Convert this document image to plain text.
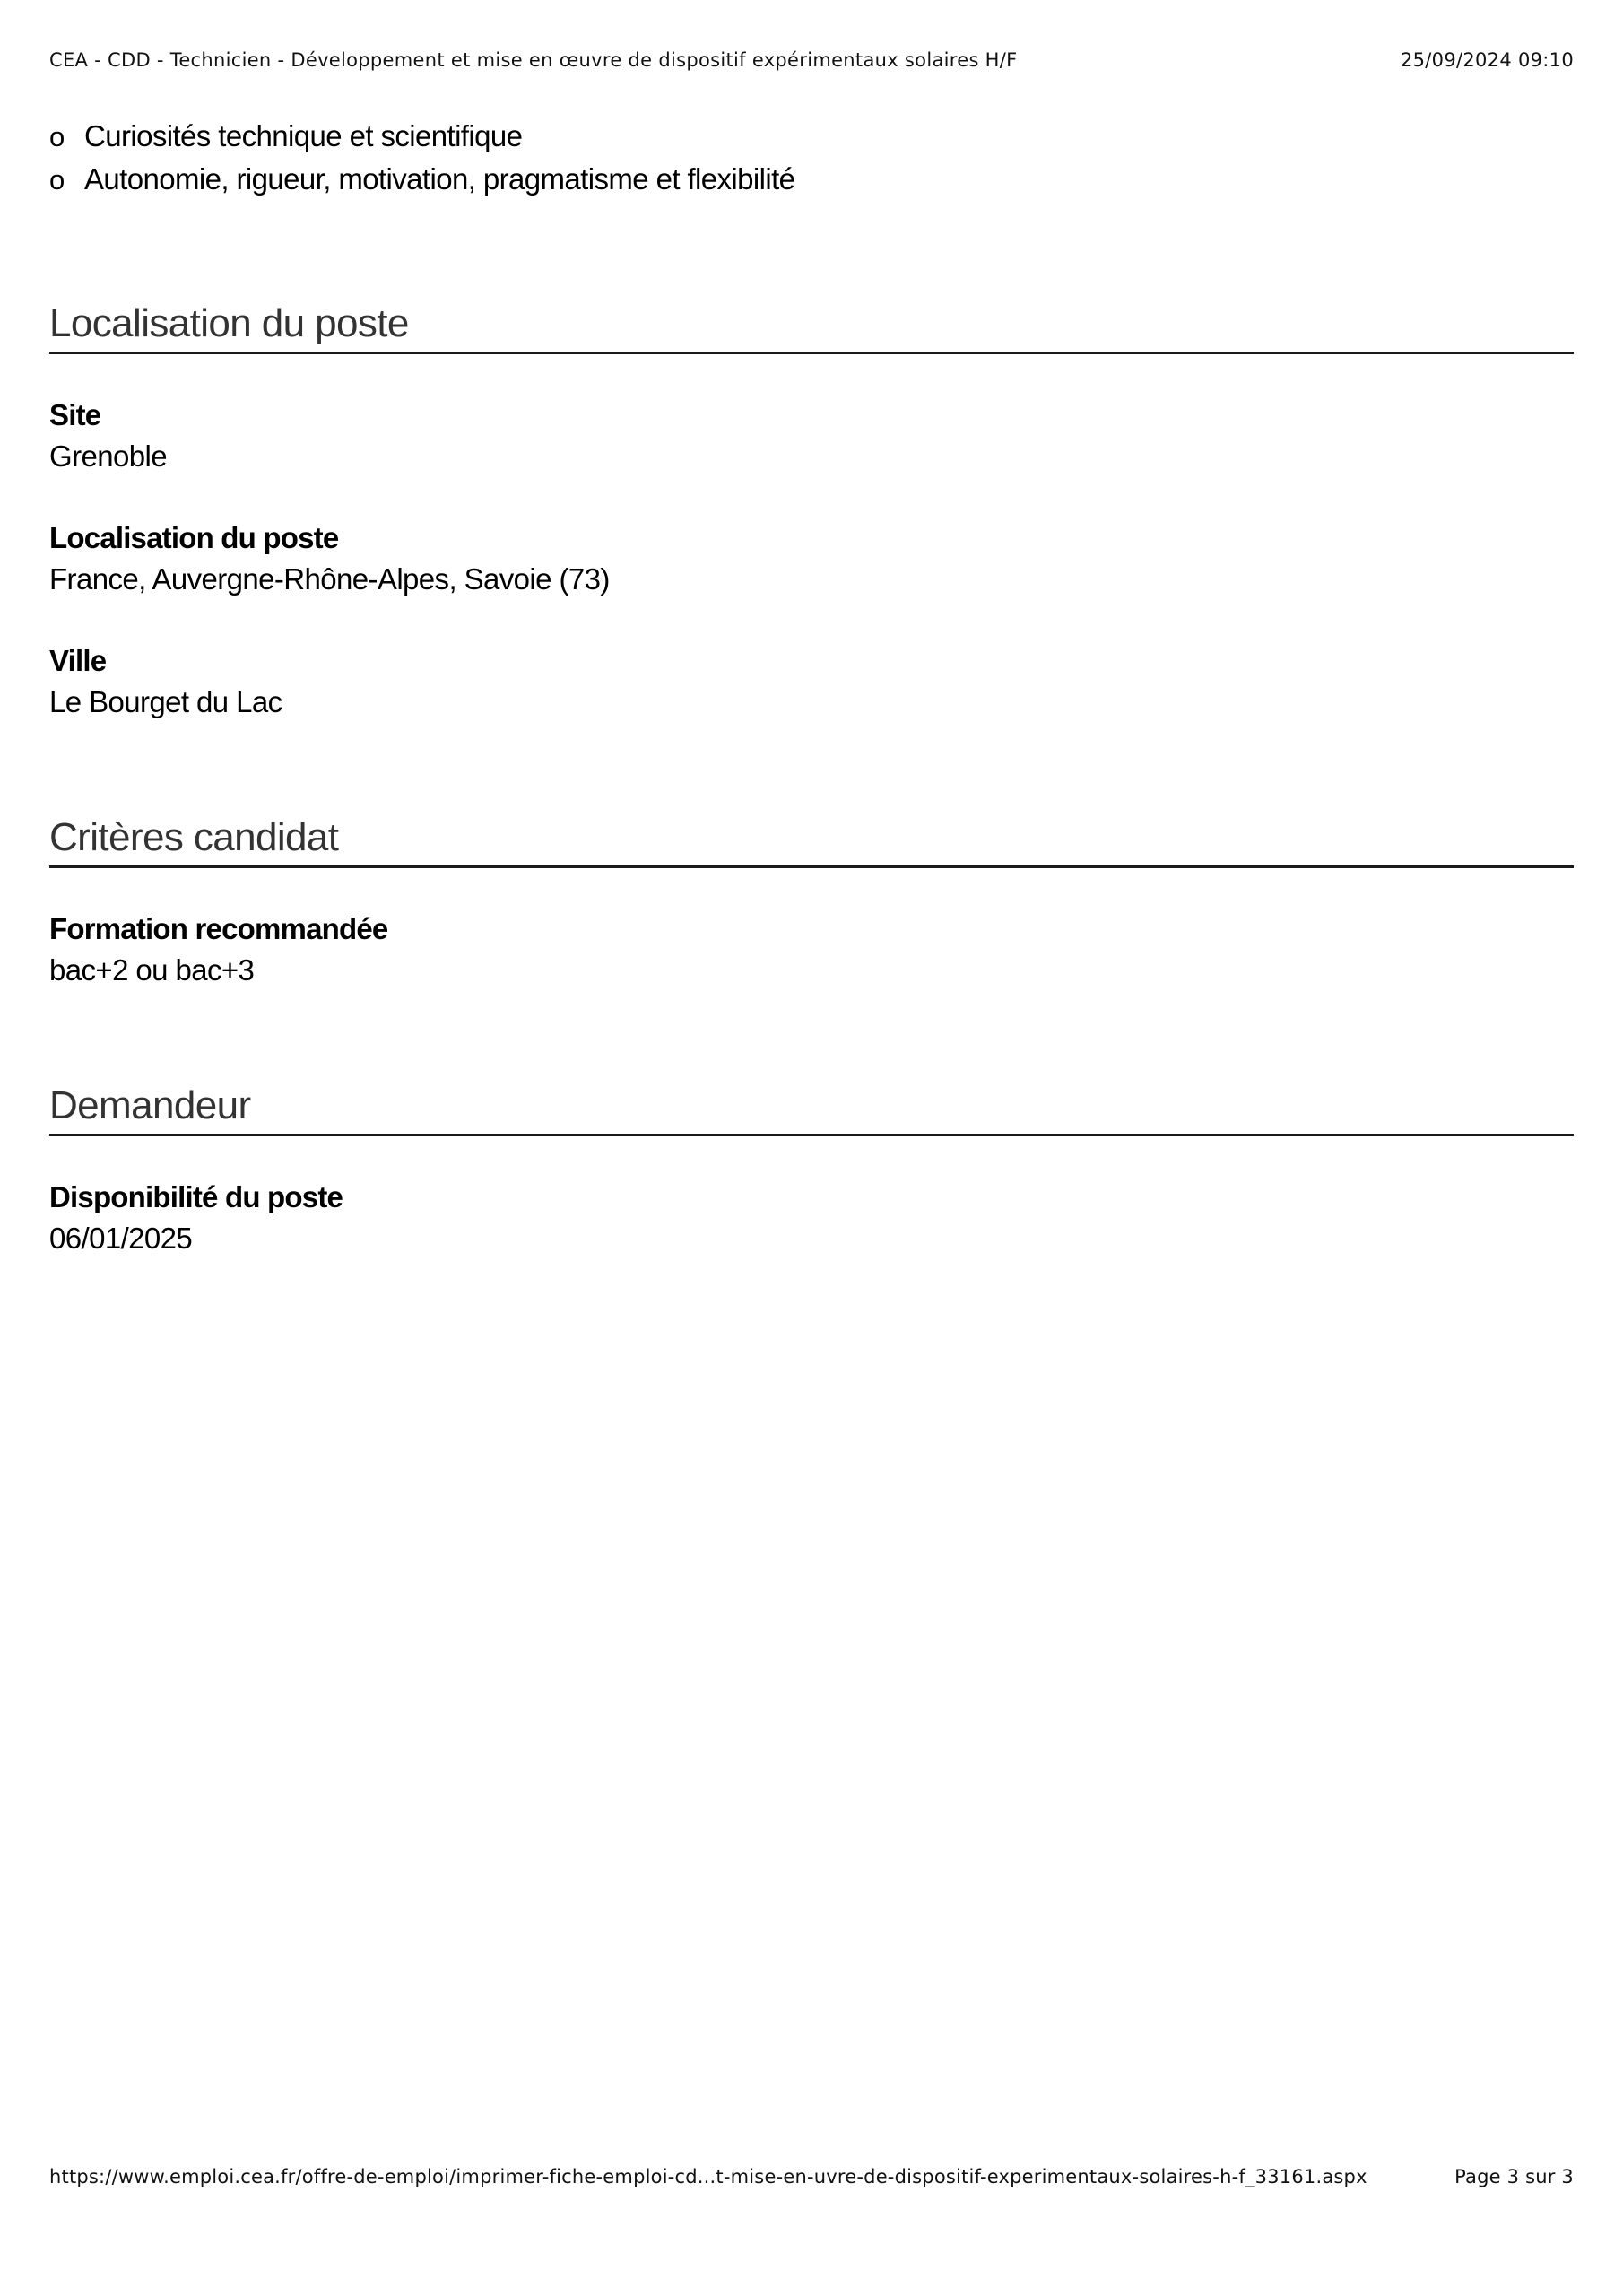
CEA - CDD - Technicien - Développement et mise en œuvre de dispositif expérimentaux solaires H/F	25/09/2024 09:10
o Curiosités technique et scientifique
o Autonomie, rigueur, motivation, pragmatisme et flexibilité
Localisation du poste
Site
Grenoble
Localisation du poste
France, Auvergne-Rhône-Alpes, Savoie (73)
Ville
Le Bourget du Lac
Critères candidat
Formation recommandée
bac+2 ou bac+3
Demandeur
Disponibilité du poste
06/01/2025
https://www.emploi.cea.fr/offre-de-emploi/imprimer-fiche-emploi-cd...t-mise-en-uvre-de-dispositif-experimentaux-solaires-h-f_33161.aspx	Page 3 sur 3
